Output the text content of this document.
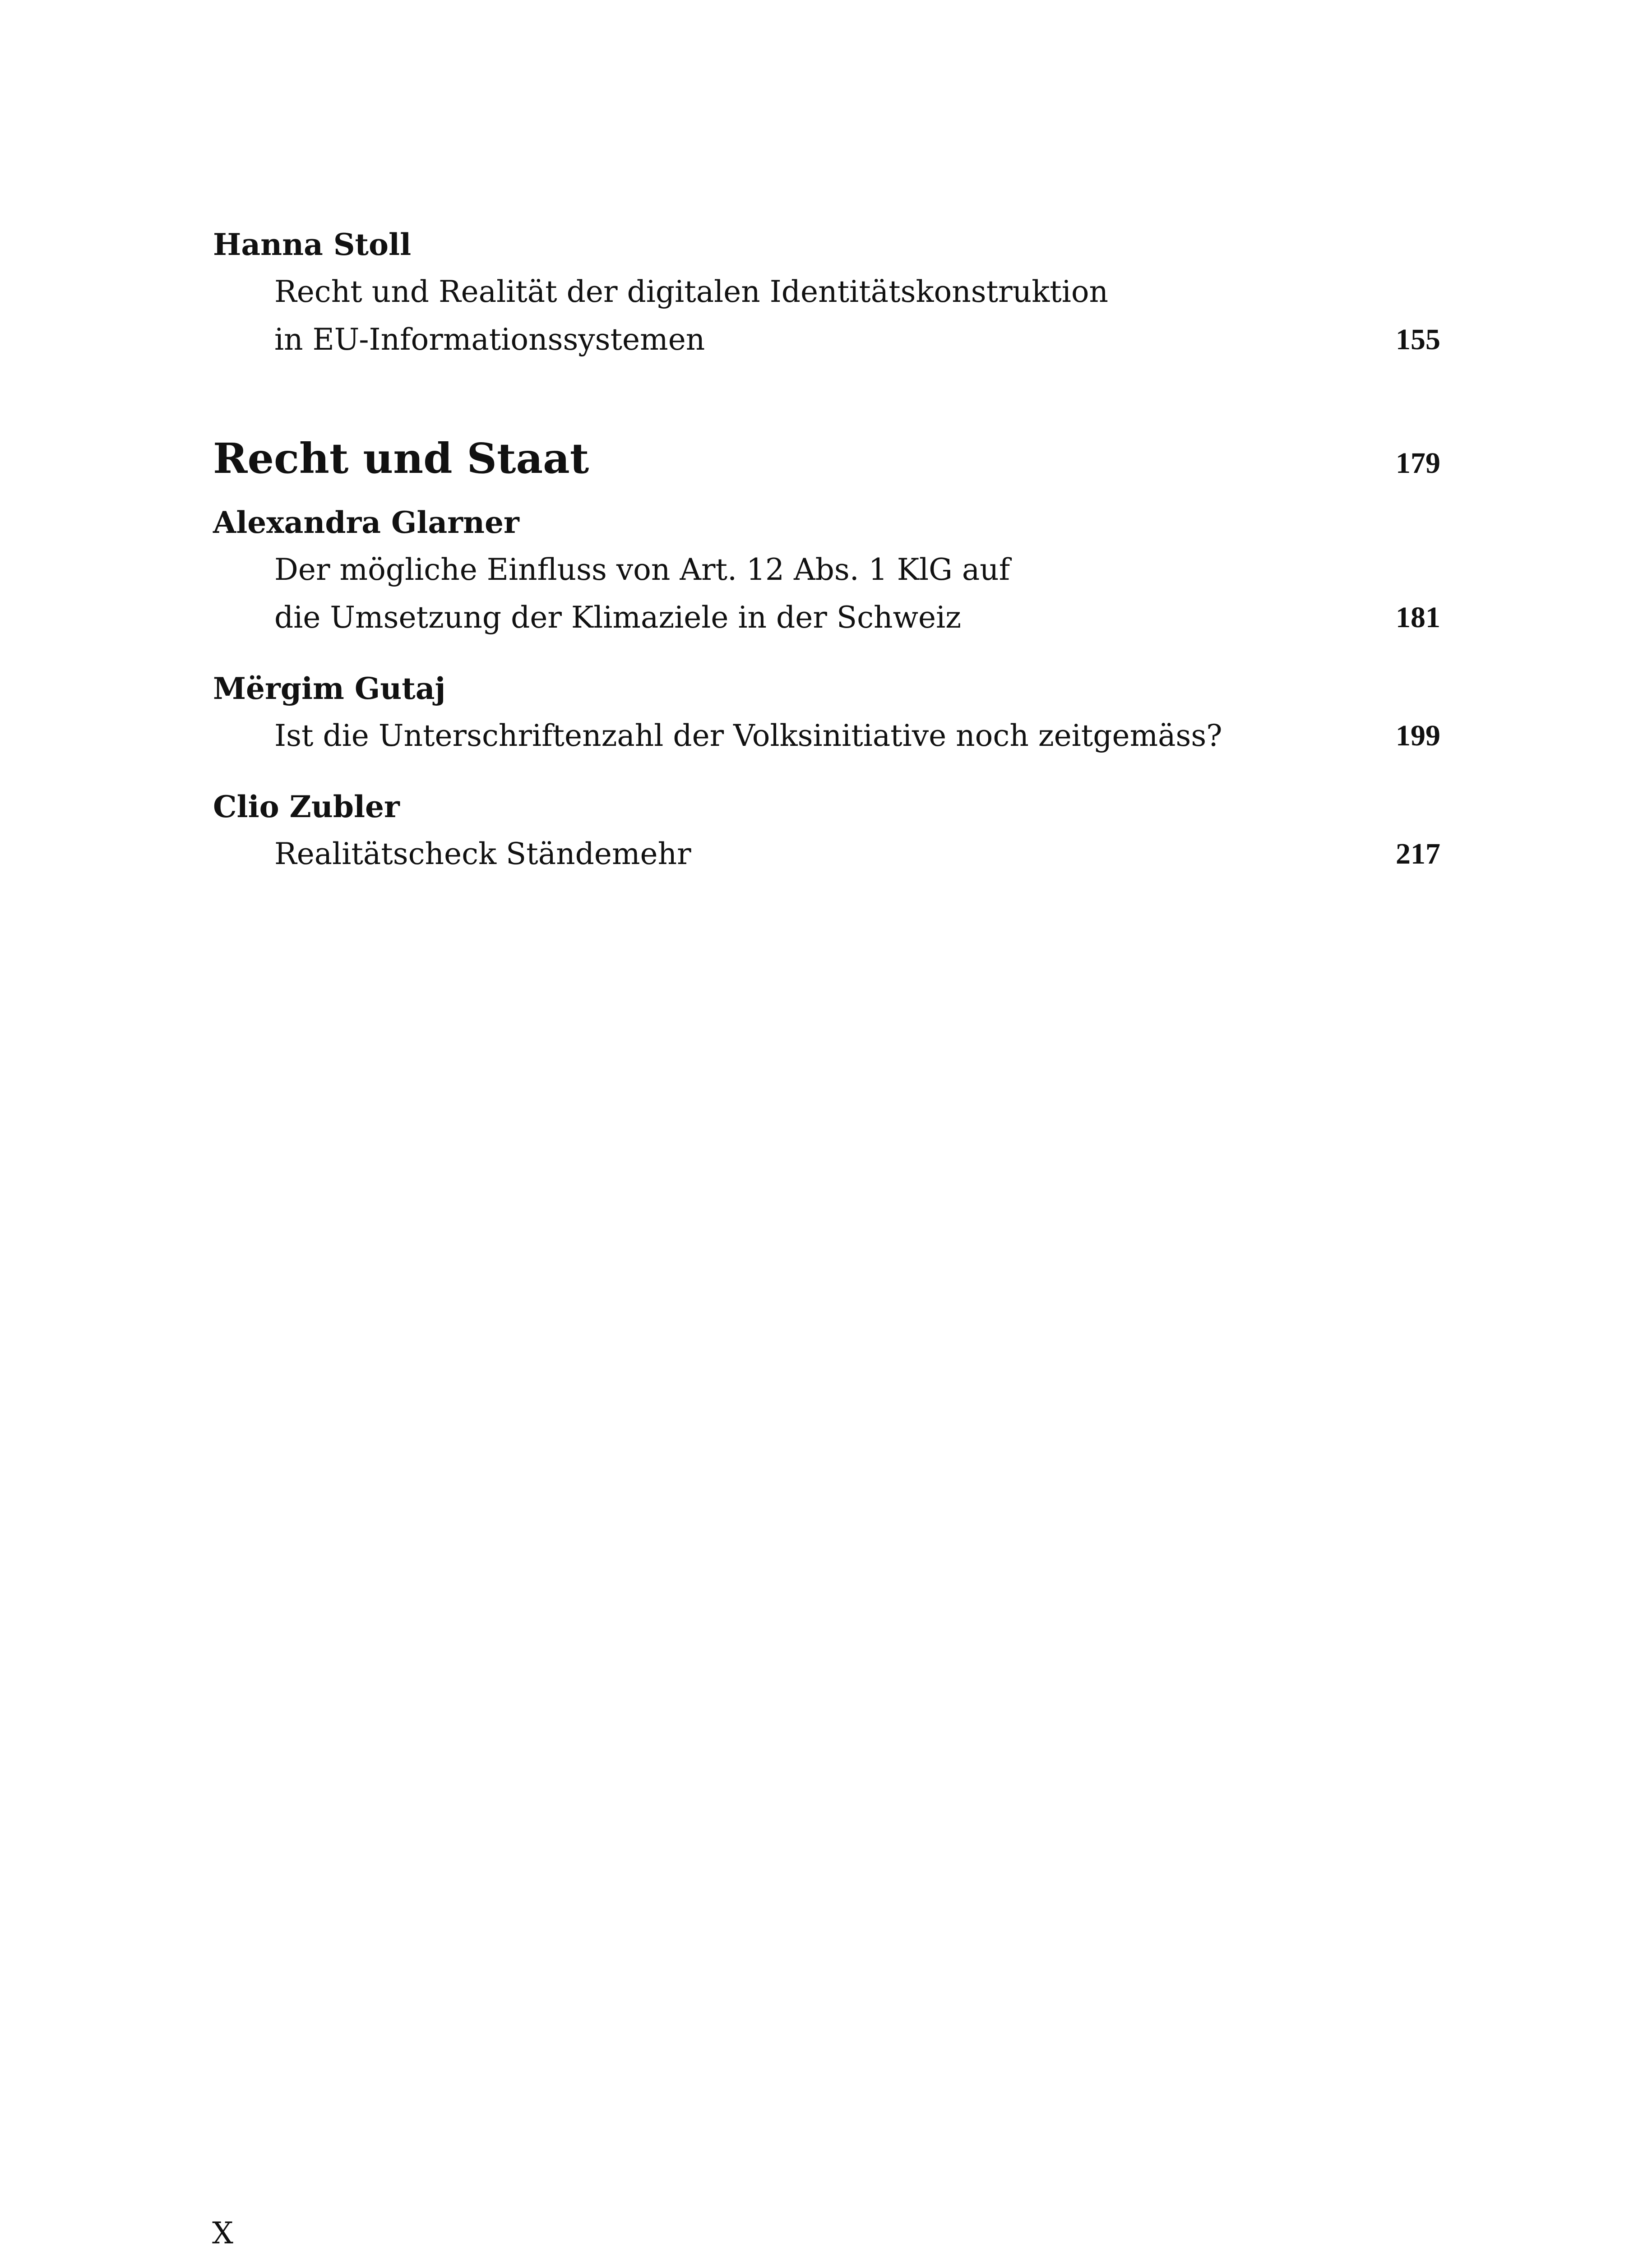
Hanna Stoll

Recht und Realität der digitalen Identitätskonstruktion
in EU-Informationssystemen	155
Recht und Staat	179

Alexandra Glarner

Der mögliche Einfluss von Art. 12 Abs. 1 KlG auf
die Umsetzung der Klimaziele in der Schweiz	181

Mërgim Gutaj

Ist die Unterschriftenzahl der Volksinitiative noch zeitgemäss?	199

Clio Zubler

Realitätscheck Ständemehr	217
X
